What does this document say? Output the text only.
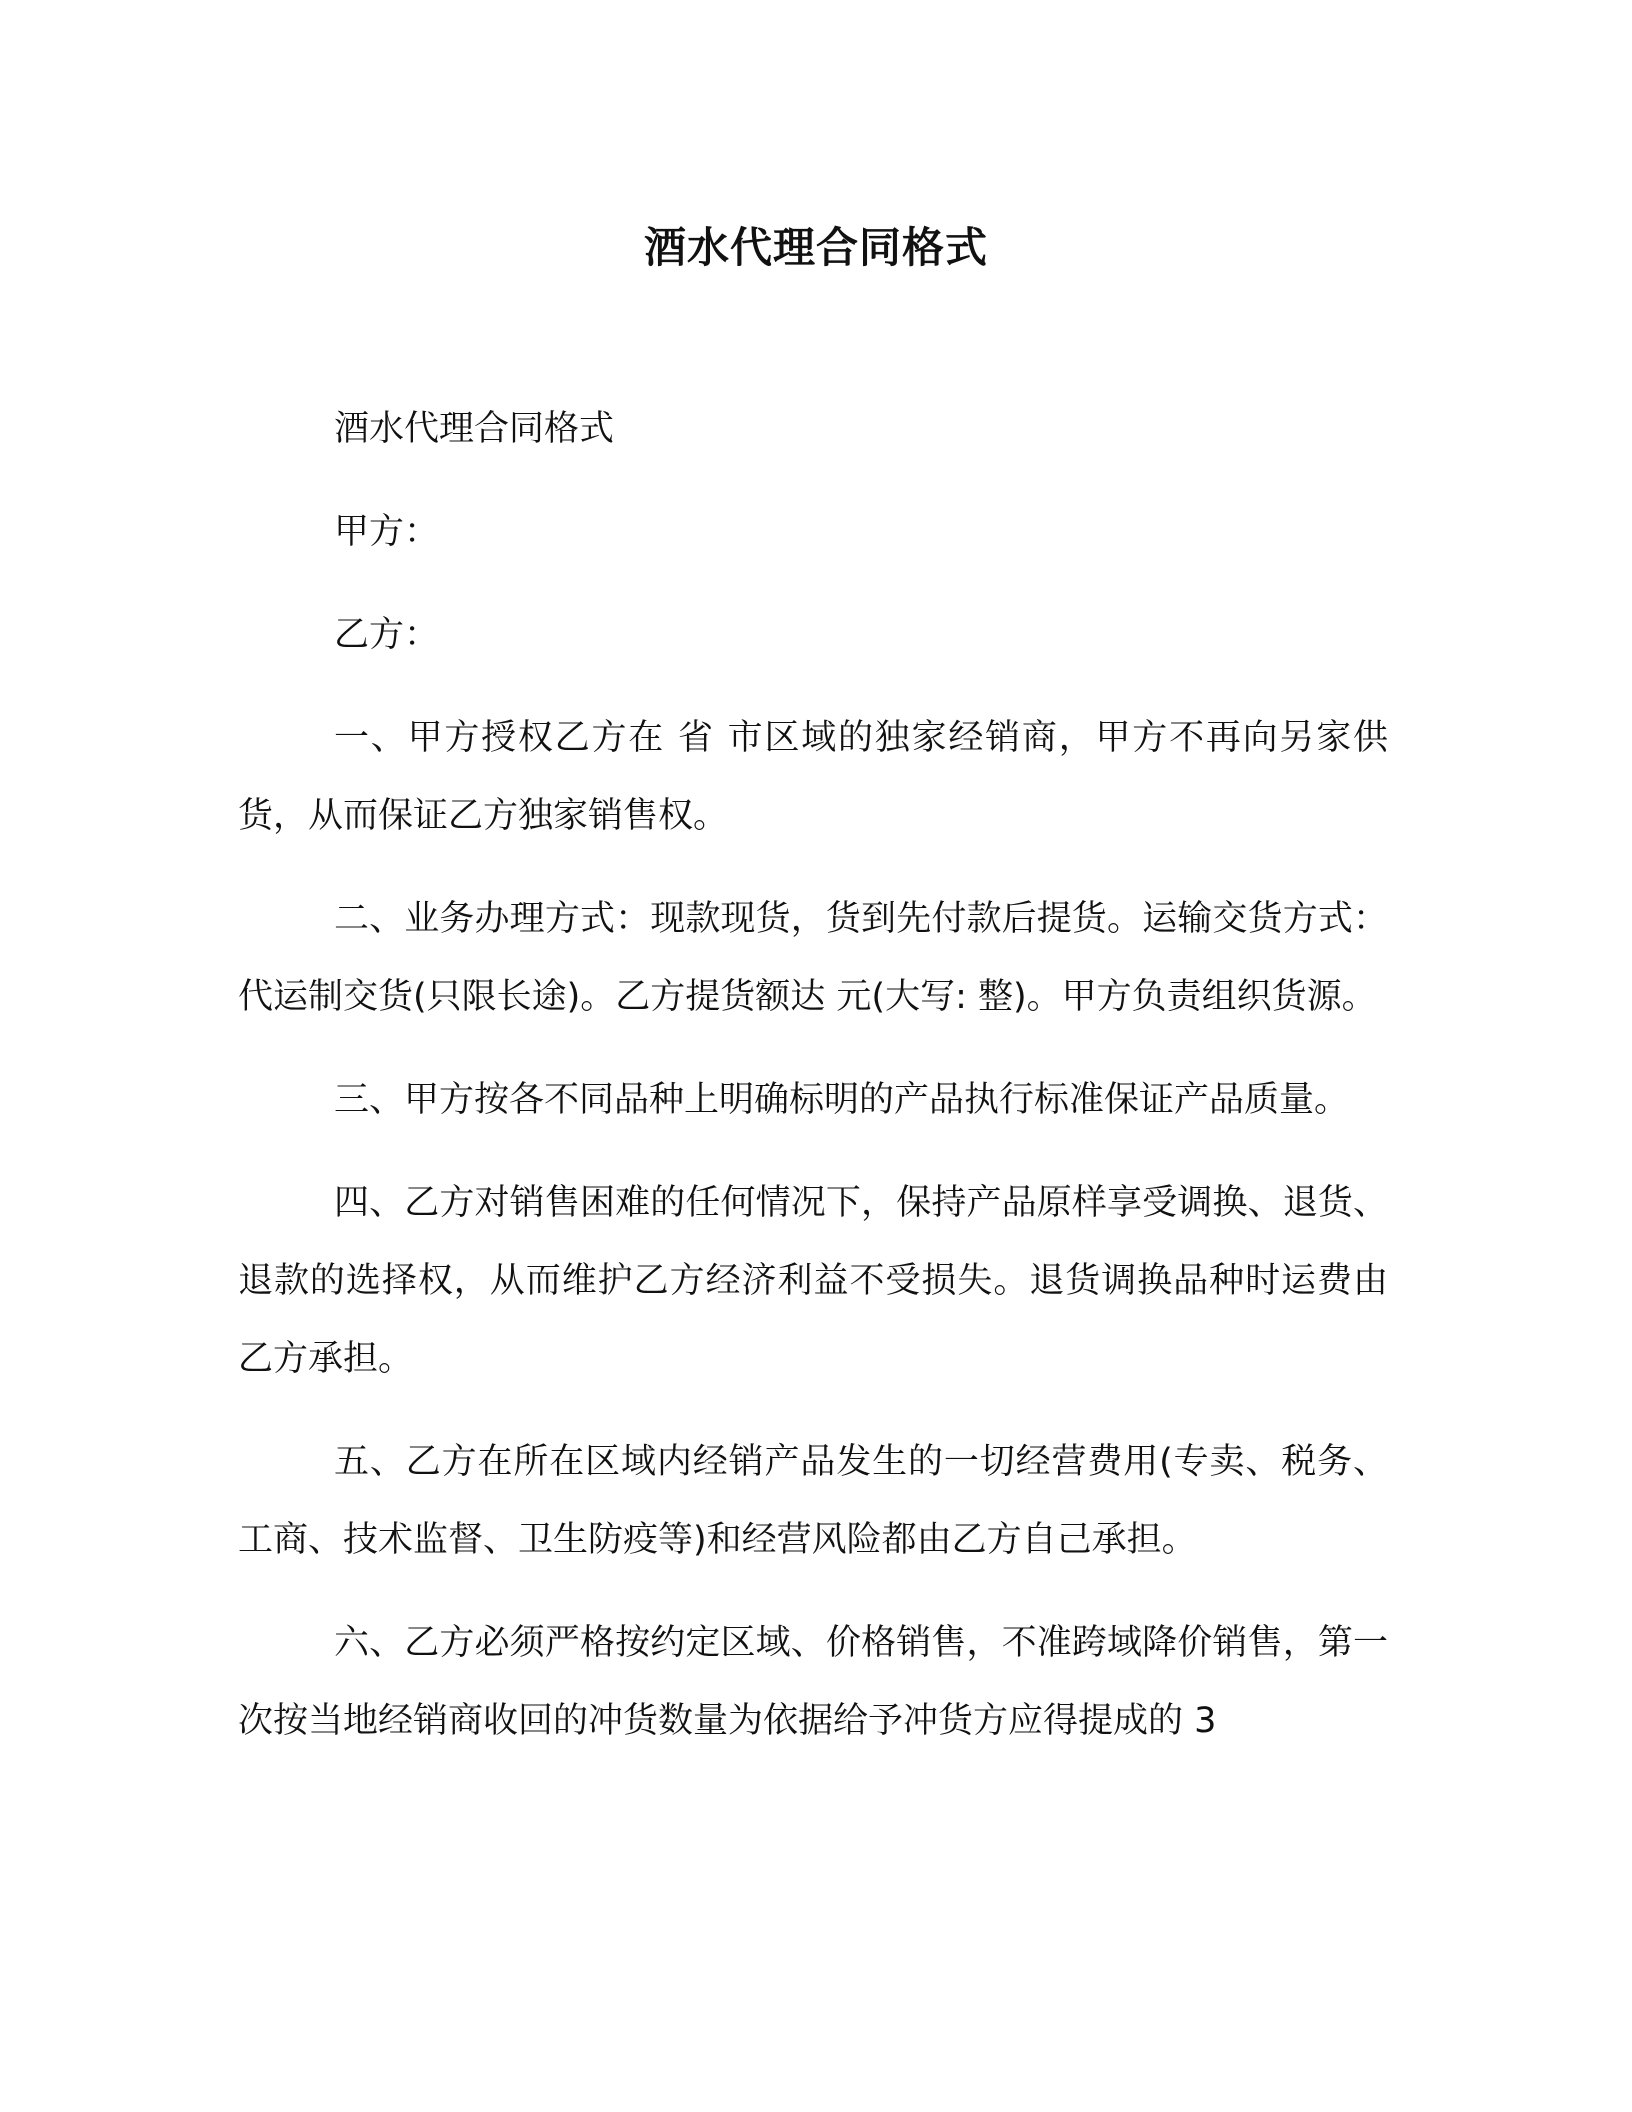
酒水代理合同格式

酒水代理合同格式

甲方：

乙方：

一、甲方授权乙方在 省 市区域的独家经销商，甲方不再向另家供货，从而保证乙方独家销售权。

二、业务办理方式：现款现货，货到先付款后提货。运输交货方式：代运制交货(只限长途)。乙方提货额达 元(大写: 整)。甲方负责组织货源。

三、甲方按各不同品种上明确标明的产品执行标准保证产品质量。

四、乙方对销售困难的任何情况下，保持产品原样享受调换、退货、退款的选择权，从而维护乙方经济利益不受损失。退货调换品种时运费由乙方承担。

五、乙方在所在区域内经销产品发生的一切经营费用(专卖、税务、工商、技术监督、卫生防疫等)和经营风险都由乙方自己承担。

六、乙方必须严格按约定区域、价格销售，不准跨域降价销售，第一次按当地经销商收回的冲货数量为依据给予冲货方应得提成的 3
